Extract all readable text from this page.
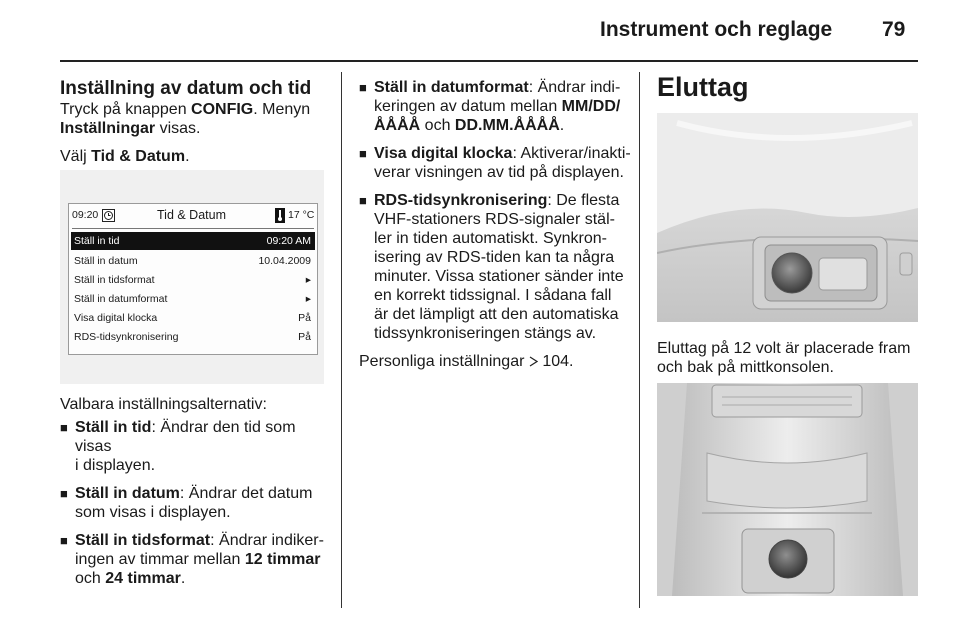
Instrument och reglage 79

Inställning av datum och tid

Tryck på knappen CONFIG. Menyn
Inställningar visas.

Välj Tid & Datum.

09:20	Tid & Datum	17 °C
Ställ in tid	09:20 AM
Ställ in datum	10.04.2009
Ställ in tidsformat	▸
Ställ in datumformat	▸
Visa digital klocka	På
RDS-tidsynkronisering	På

Valbara inställningsalternativ:

■ Ställ in tid: Ändrar den tid som visas
i displayen.
■ Ställ in datum: Ändrar det datum
som visas i displayen.
■ Ställ in tidsformat: Ändrar indiker-
ingen av timmar mellan 12 timmar
och 24 timmar.
■ Ställ in datumformat: Ändrar indi-
keringen av datum mellan MM/DD/
ÅÅÅÅ och DD.MM.ÅÅÅÅ.
■ Visa digital klocka: Aktiverar/inakti-
verar visningen av tid på displayen.
■ RDS-tidsynkronisering: De flesta
VHF-stationers RDS-signaler stäl-
ler in tiden automatiskt. Synkron-
isering av RDS-tiden kan ta några
minuter. Vissa stationer sänder inte
en korrekt tidssignal. I sådana fall
är det lämpligt att den automatiska
tidssynkroniseringen stängs av.

Personliga inställningar  104.

Eluttag

Eluttag på 12 volt är placerade fram

och bak på mittkonsolen.
